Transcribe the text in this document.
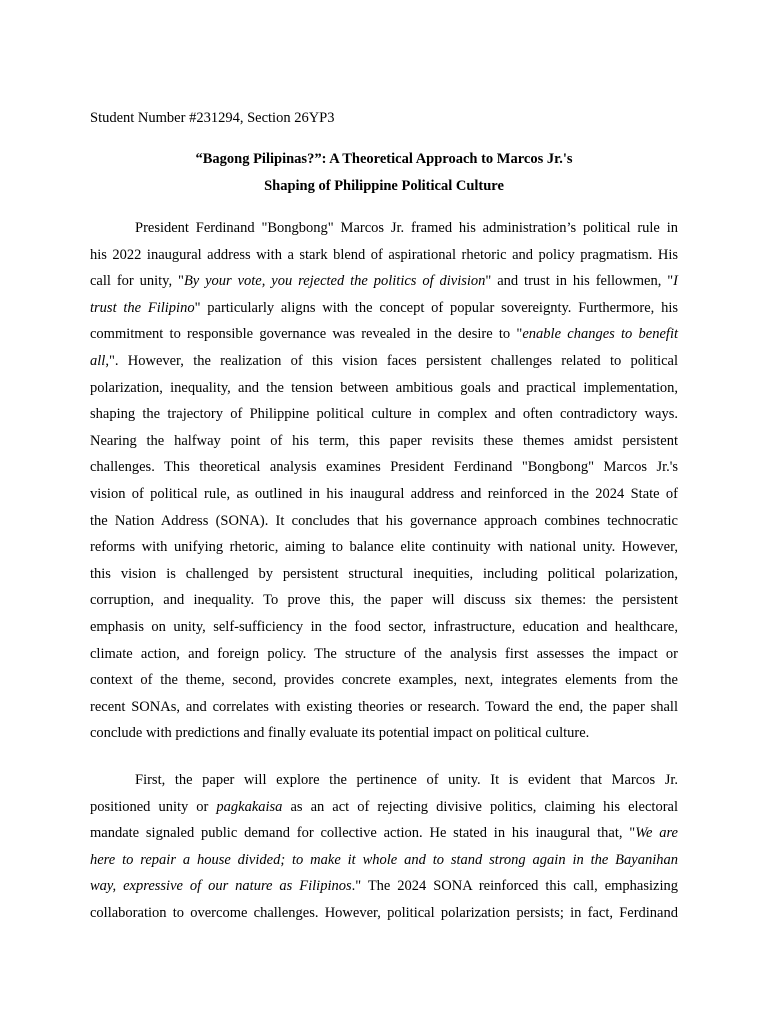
Student Number #231294, Section 26YP3
“Bagong Pilipinas?”: A Theoretical Approach to Marcos Jr.'s
Shaping of Philippine Political Culture
President Ferdinand "Bongbong" Marcos Jr. framed his administration’s political rule in
his 2022 inaugural address with a stark blend of aspirational rhetoric and policy pragmatism. His
call for unity, "By your vote, you rejected the politics of division" and trust in his fellowmen, "I
trust the Filipino" particularly aligns with the concept of popular sovereignty. Furthermore, his
commitment to responsible governance was revealed in the desire to "enable changes to benefit
all,". However, the realization of this vision faces persistent challenges related to political
polarization, inequality, and the tension between ambitious goals and practical implementation,
shaping the trajectory of Philippine political culture in complex and often contradictory ways.
Nearing the halfway point of his term, this paper revisits these themes amidst persistent
challenges. This theoretical analysis examines President Ferdinand "Bongbong" Marcos Jr.'s
vision of political rule, as outlined in his inaugural address and reinforced in the 2024 State of
the Nation Address (SONA). It concludes that his governance approach combines technocratic
reforms with unifying rhetoric, aiming to balance elite continuity with national unity. However,
this vision is challenged by persistent structural inequities, including political polarization,
corruption, and inequality. To prove this, the paper will discuss six themes: the persistent
emphasis on unity, self-sufficiency in the food sector, infrastructure, education and healthcare,
climate action, and foreign policy. The structure of the analysis first assesses the impact or
context of the theme, second, provides concrete examples, next, integrates elements from the
recent SONAs, and correlates with existing theories or research. Toward the end, the paper shall
conclude with predictions and finally evaluate its potential impact on political culture.
First, the paper will explore the pertinence of unity. It is evident that Marcos Jr.
positioned unity or pagkakaisa as an act of rejecting divisive politics, claiming his electoral
mandate signaled public demand for collective action. He stated in his inaugural that, "We are
here to repair a house divided; to make it whole and to stand strong again in the Bayanihan
way, expressive of our nature as Filipinos." The 2024 SONA reinforced this call, emphasizing
collaboration to overcome challenges. However, political polarization persists; in fact, Ferdinand
